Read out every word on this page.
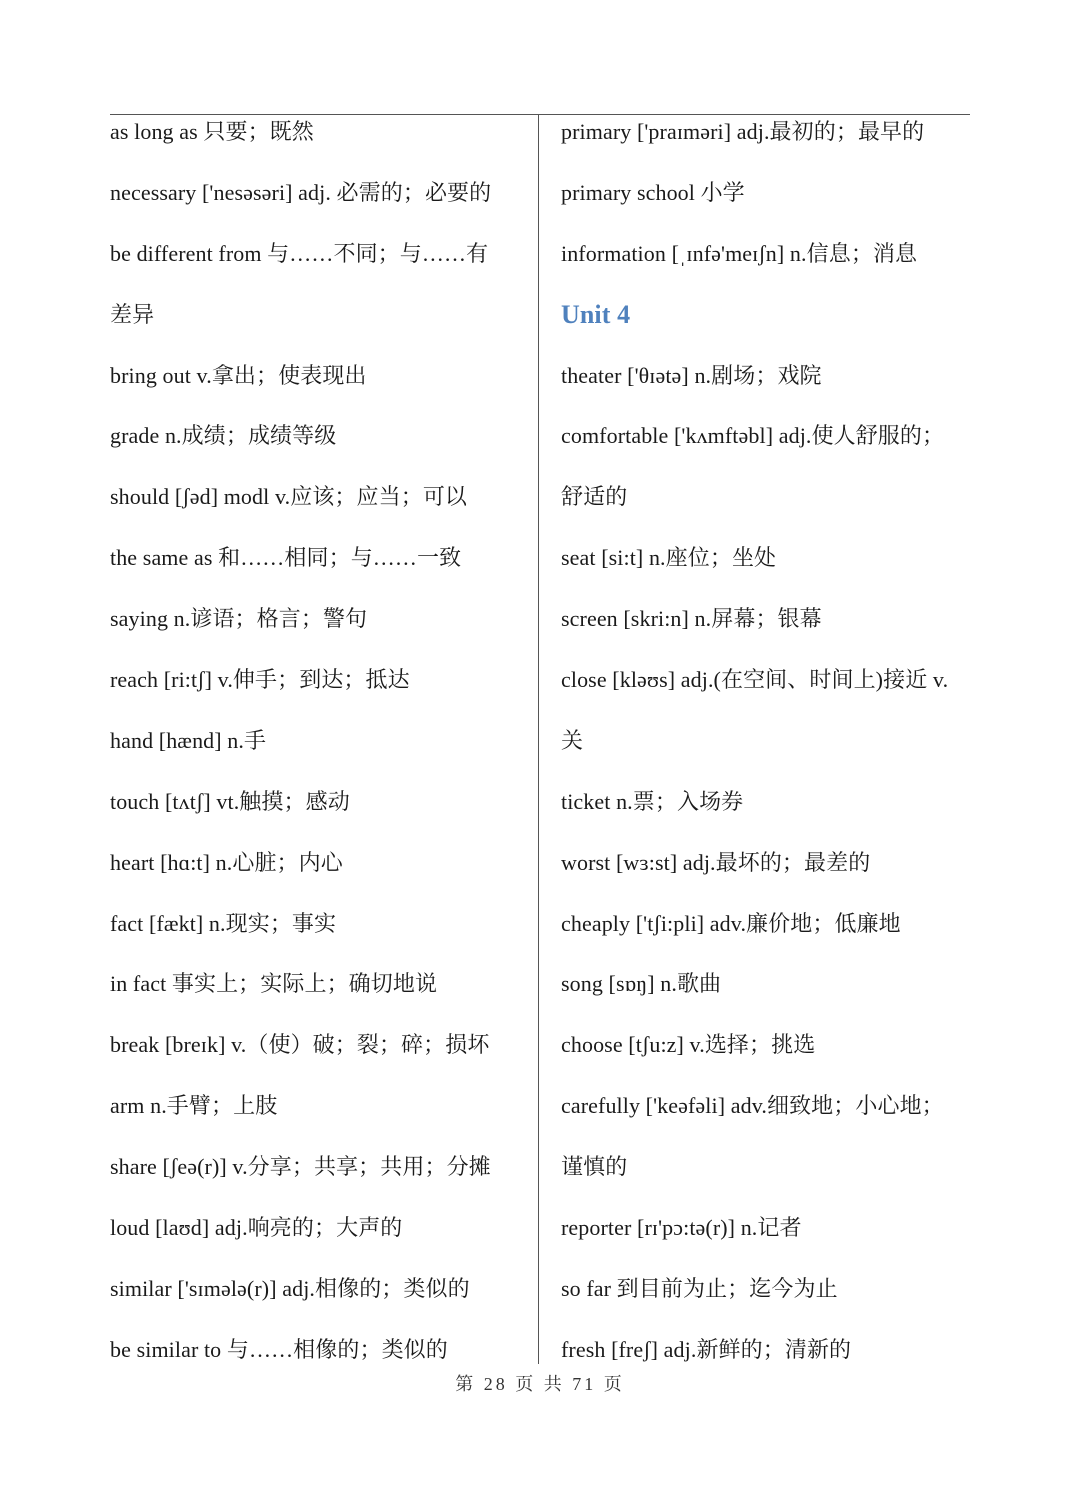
as long as 只要；既然
necessary ['nesəsəri] adj. 必需的；必要的
be different from 与……不同；与……有
差异
bring out v.拿出；使表现出
grade n.成绩；成绩等级
should [ʃəd] modl v.应该；应当；可以
the same as 和……相同；与……一致
saying n.谚语；格言；警句
reach [ri:tʃ] v.伸手；到达；抵达
hand [hænd] n.手
touch [tʌtʃ] vt.触摸；感动
heart [hɑ:t] n.心脏；内心
fact [fækt] n.现实；事实
in fact 事实上；实际上；确切地说
break [breɪk] v.（使）破；裂；碎；损坏
arm n.手臂；上肢
share [ʃeə(r)] v.分享；共享；共用；分摊
loud [laʊd] adj.响亮的；大声的
similar ['sɪmələ(r)] adj.相像的；类似的
be similar to 与……相像的；类似的
primary ['praɪməri] adj.最初的；最早的
primary school 小学
information [ˌɪnfə'meɪʃn] n.信息；消息
Unit 4
theater ['θɪətə] n.剧场；戏院
comfortable ['kʌmftəbl] adj.使人舒服的；
舒适的
seat [si:t] n.座位；坐处
screen [skri:n] n.屏幕；银幕
close [kləʊs] adj.(在空间、时间上)接近 v.
关
ticket n.票；入场券
worst [wɜ:st] adj.最坏的；最差的
cheaply ['tʃi:pli] adv.廉价地；低廉地
song [sɒŋ] n.歌曲
choose [tʃu:z] v.选择；挑选
carefully ['keəfəli] adv.细致地；小心地；
谨慎的
reporter [rɪ'pɔ:tə(r)] n.记者
so far 到目前为止；迄今为止
fresh [freʃ] adj.新鲜的；清新的
第 28 页 共 71 页
